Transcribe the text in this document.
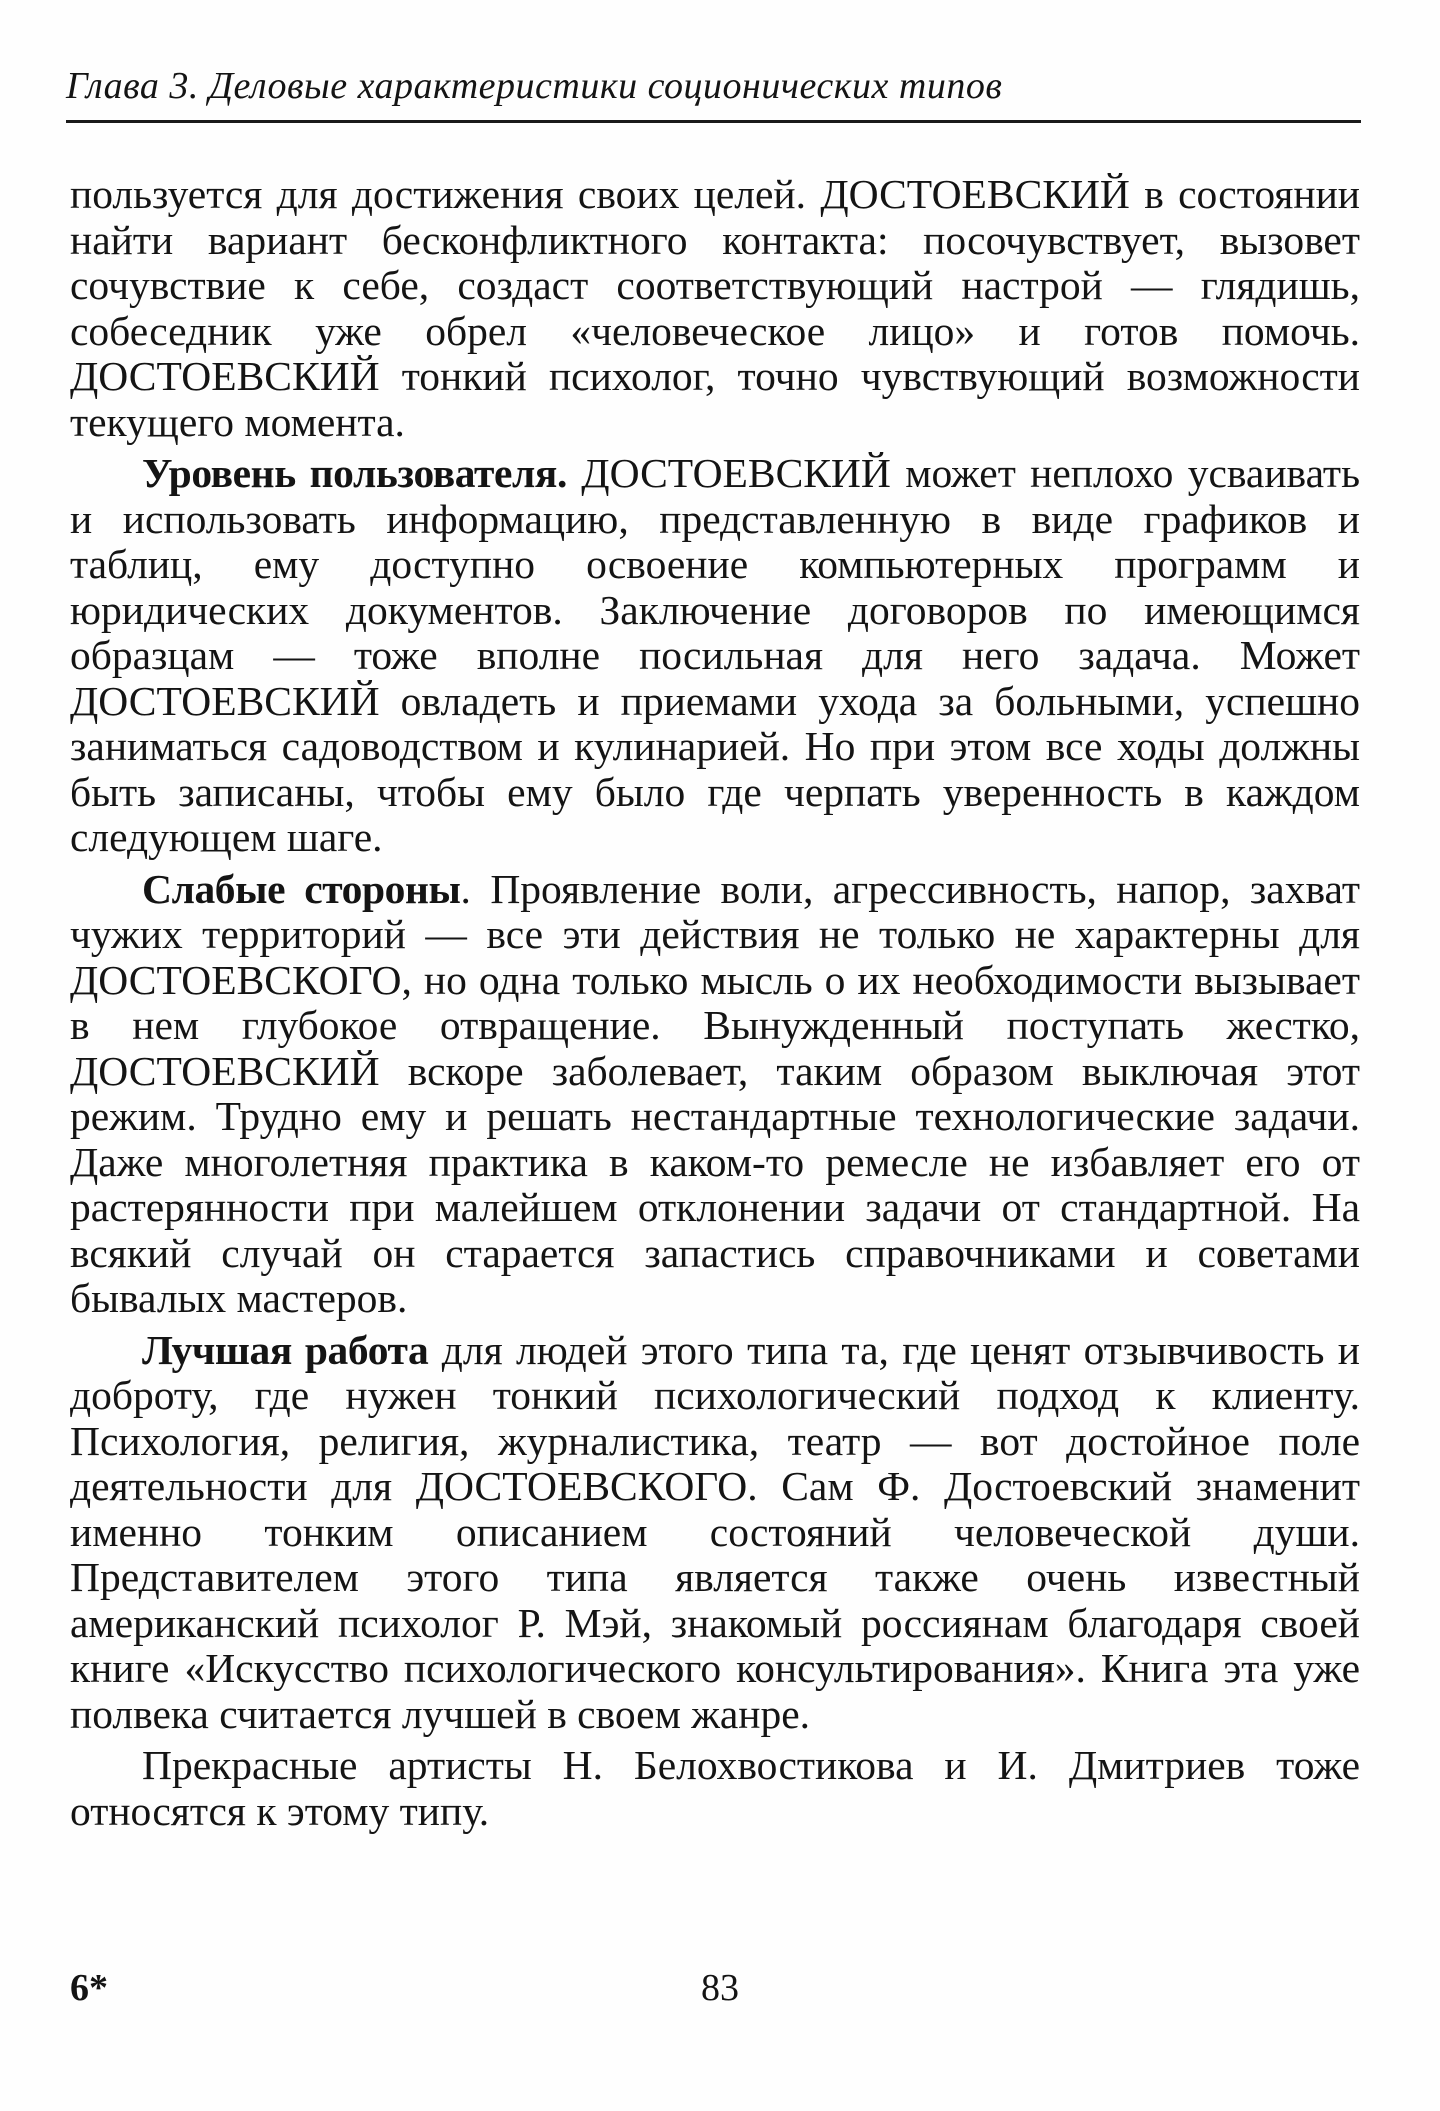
Глава 3. Деловые характеристики соционических типов

пользуется для достижения своих целей. ДОСТОЕВСКИЙ в состоянии найти вариант бесконфликтного контакта: посочувствует, вызовет сочувствие к себе, создаст соответствующий настрой — глядишь, собеседник уже обрел «человеческое лицо» и готов помочь. ДОСТОЕВСКИЙ тонкий психолог, точно чувствующий возможности текущего момента.

Уровень пользователя. ДОСТОЕВСКИЙ может неплохо усваивать и использовать информацию, представленную в виде графиков и таблиц, ему доступно освоение компьютерных программ и юридических документов. Заключение договоров по имеющимся образцам — тоже вполне посильная для него задача. Может ДОСТОЕВСКИЙ овладеть и приемами ухода за больными, успешно заниматься садоводством и кулинарией. Но при этом все ходы должны быть записаны, чтобы ему было где черпать уверенность в каждом следующем шаге.

Слабые стороны. Проявление воли, агрессивность, напор, захват чужих территорий — все эти действия не только не характерны для ДОСТОЕВСКОГО, но одна только мысль о их необходимости вызывает в нем глубокое отвращение. Вынужденный поступать жестко, ДОСТОЕВСКИЙ вскоре заболевает, таким образом выключая этот режим. Трудно ему и решать нестандартные технологические задачи. Даже многолетняя практика в каком-то ремесле не избавляет его от растерянности при малейшем отклонении задачи от стандартной. На всякий случай он старается запастись справочниками и советами бывалых мастеров.

Лучшая работа для людей этого типа та, где ценят отзывчивость и доброту, где нужен тонкий психологический подход к клиенту. Психология, религия, журналистика, театр — вот достойное поле деятельности для ДОСТОЕВСКОГО. Сам Ф. Достоевский знаменит именно тонким описанием состояний человеческой души. Представителем этого типа является также очень известный американский психолог Р. Мэй, знакомый россиянам благодаря своей книге «Искусство психологического консультирования». Книга эта уже полвека считается лучшей в своем жанре.

Прекрасные артисты Н. Белохвостикова и И. Дмитриев тоже относятся к этому типу.

6*	83
